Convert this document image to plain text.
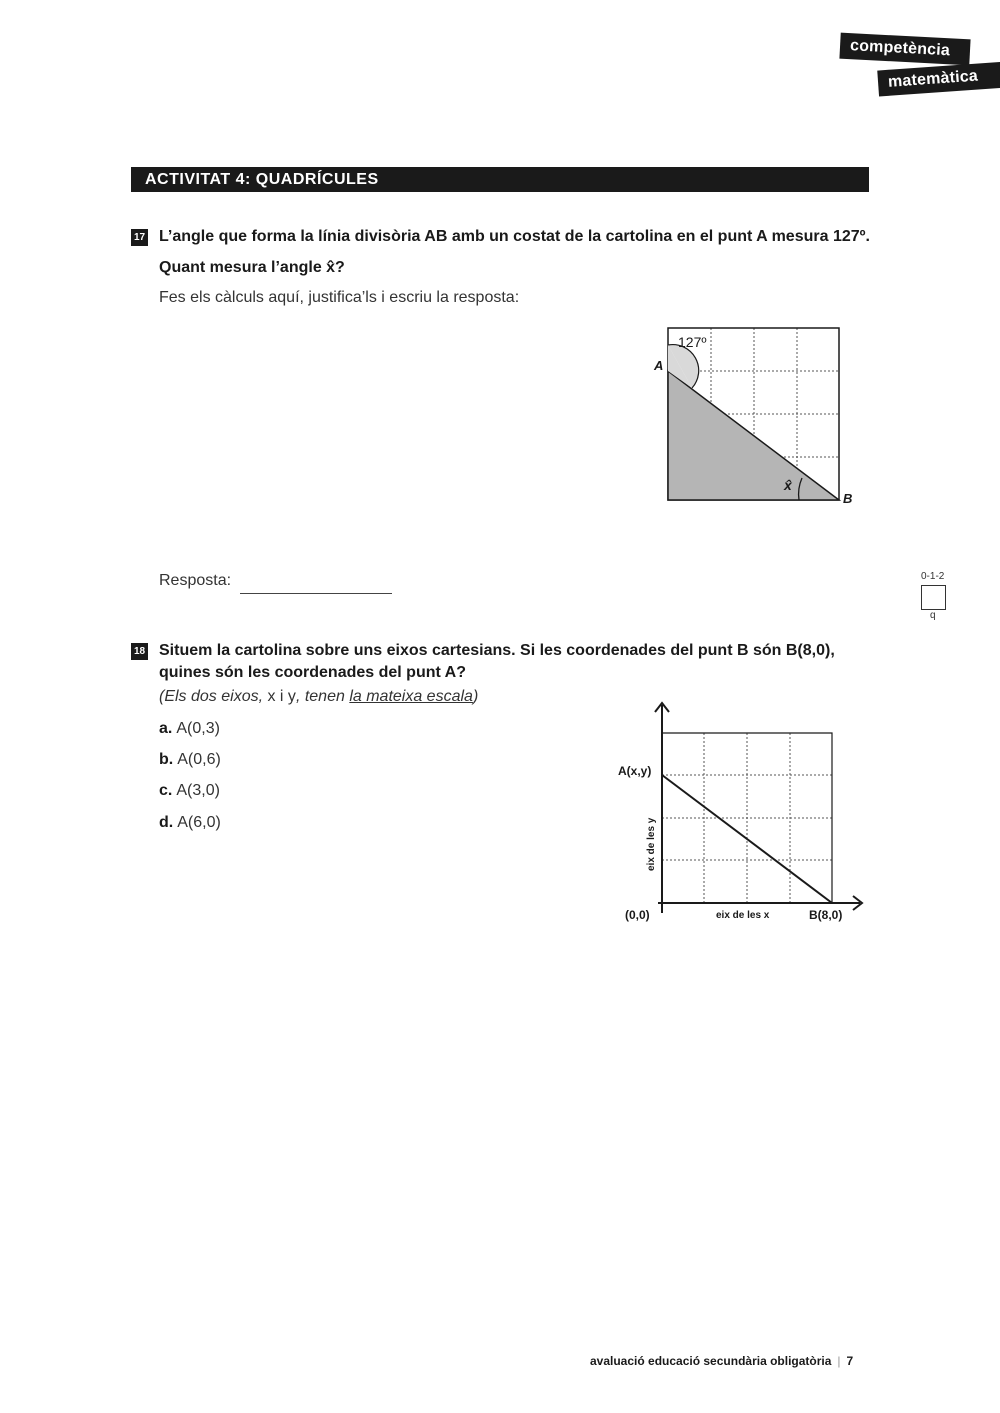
competència
matemàtica
ACTIVITAT 4: QUADRÍCULES
17 L’angle que forma la línia divisòria AB amb un costat de la cartolina en el punt A mesura 127º.
Quant mesura l’angle x̂?
Fes els càlculs aquí, justifica’ls i escriu la resposta:
127º
A
B
x̂
Resposta:	0-1-2
q
18 Situem la cartolina sobre uns eixos cartesians. Si les coordenades del punt B són B(8,0),
quines són les coordenades del punt A?
(Els dos eixos, x i y, tenen la mateixa escala)
a. A(0,3)
b. A(0,6)
c. A(3,0)
d. A(6,0)
A(x,y)
(0,0)	B(8,0)
eix de les x
eix de les y
avaluació educació secundària obligatòria | 7
